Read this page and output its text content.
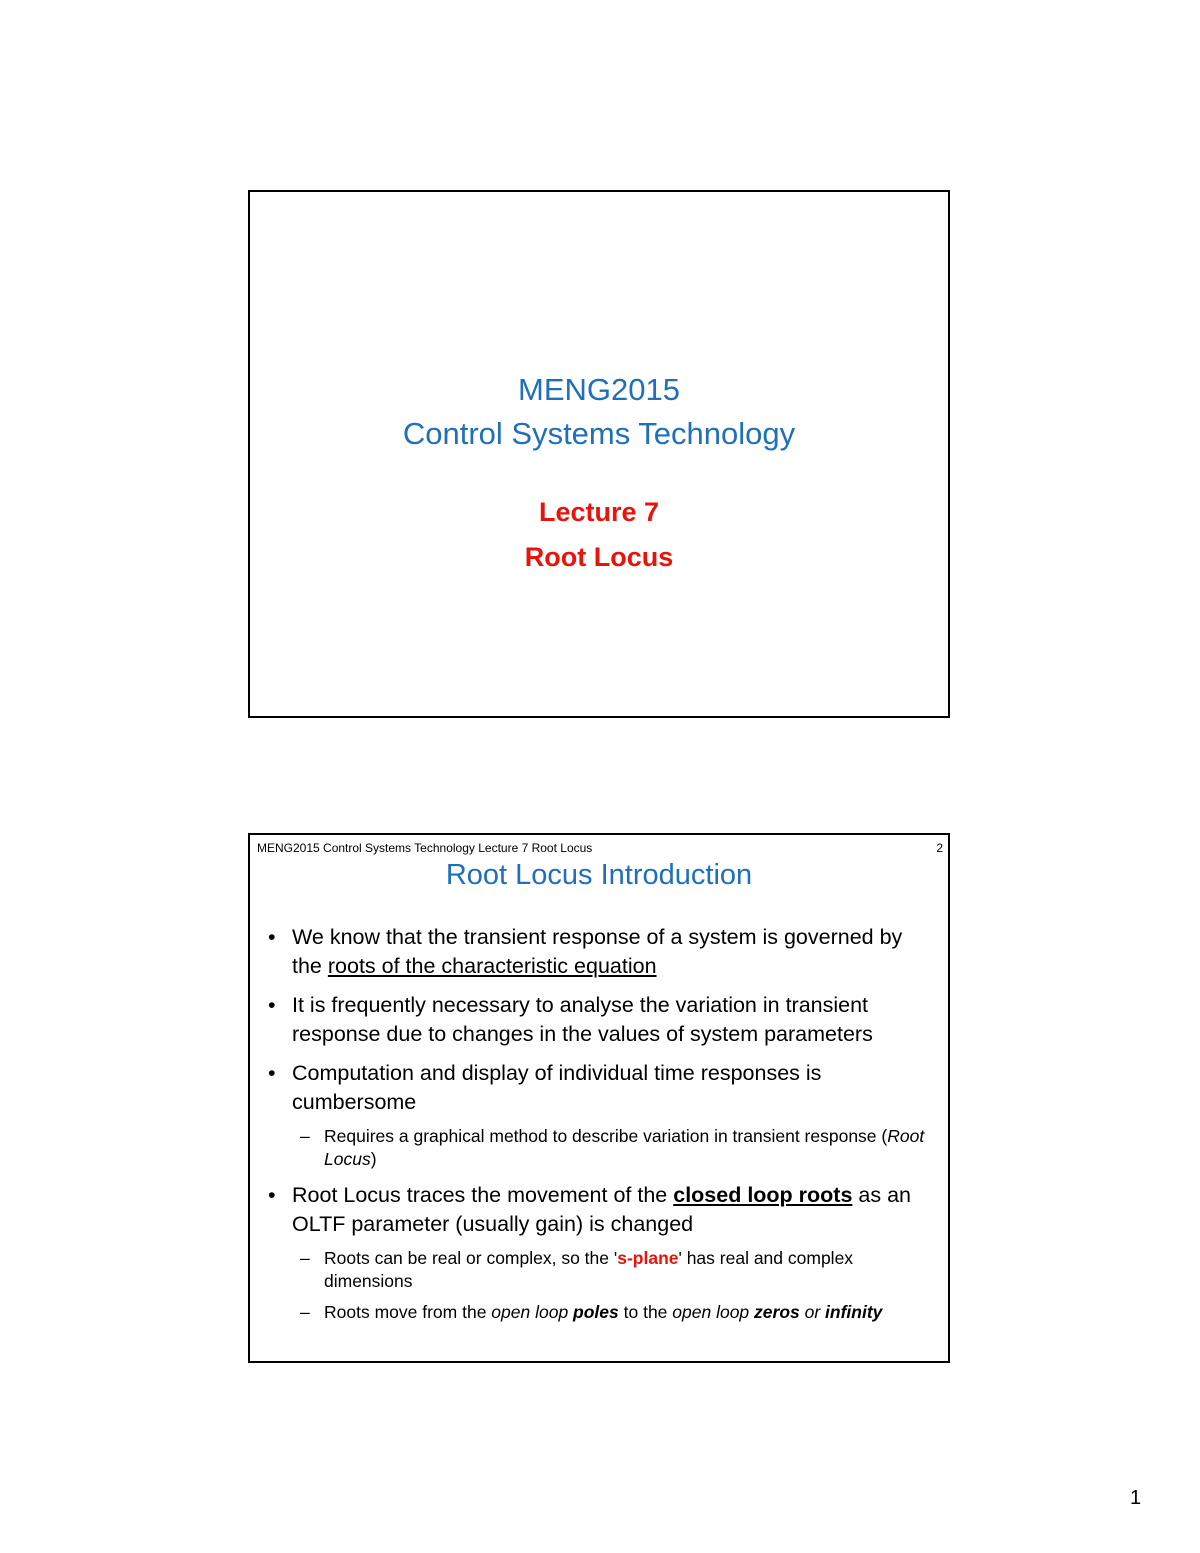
MENG2015
Control Systems Technology
Lecture 7
Root Locus
MENG2015 Control Systems Technology Lecture 7 Root Locus	2
Root Locus Introduction
• We know that the transient response of a system is governed by the roots of the characteristic equation
• It is frequently necessary to analyse the variation in transient response due to changes in the values of system parameters
• Computation and display of individual time responses is cumbersome
– Requires a graphical method to describe variation in transient response (Root Locus)
• Root Locus traces the movement of the closed loop roots as an OLTF parameter (usually gain) is changed
– Roots can be real or complex, so the 's-plane' has real and complex dimensions
– Roots move from the open loop poles to the open loop zeros or infinity
1
